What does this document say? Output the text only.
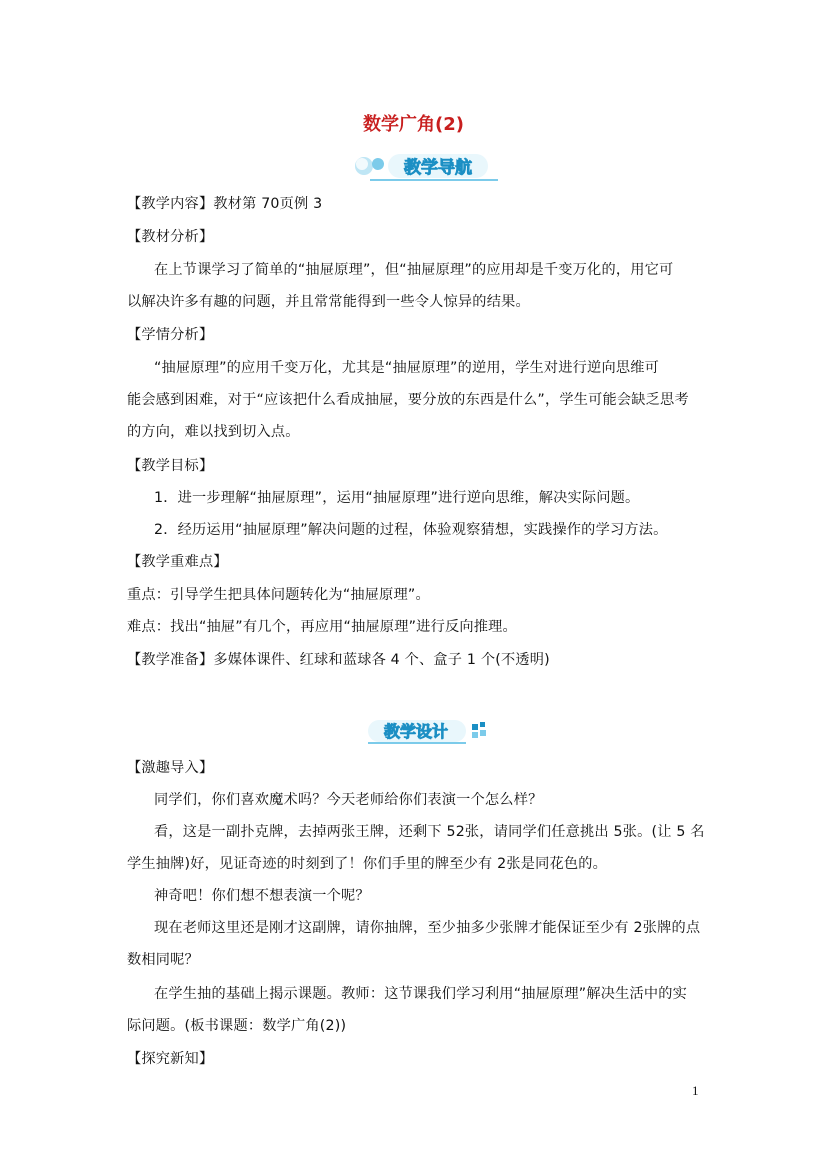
数学广角(2)
教学导航
教学设计
【教学内容】教材第 70页例 3
【教材分析】
在上节课学习了简单的“抽屉原理”，但“抽屉原理”的应用却是千变万化的，用它可
以解决许多有趣的问题，并且常常能得到一些令人惊异的结果。
【学情分析】
“抽屉原理”的应用千变万化，尤其是“抽屉原理”的逆用，学生对进行逆向思维可
能会感到困难，对于“应该把什么看成抽屉，要分放的东西是什么”，学生可能会缺乏思考
的方向，难以找到切入点。
【教学目标】
1．进一步理解“抽屉原理”，运用“抽屉原理”进行逆向思维，解决实际问题。
2．经历运用“抽屉原理”解决问题的过程，体验观察猜想，实践操作的学习方法。
【教学重难点】
重点：引导学生把具体问题转化为“抽屉原理”。
难点：找出“抽屉”有几个，再应用“抽屉原理”进行反向推理。
【教学准备】多媒体课件、红球和蓝球各 4 个、盒子 1 个(不透明)
【激趣导入】
同学们，你们喜欢魔术吗？今天老师给你们表演一个怎么样？
看，这是一副扑克牌，去掉两张王牌，还剩下 52张，请同学们任意挑出 5张。(让 5 名
学生抽牌)好，见证奇迹的时刻到了！你们手里的牌至少有 2张是同花色的。
神奇吧！你们想不想表演一个呢？
现在老师这里还是刚才这副牌，请你抽牌，至少抽多少张牌才能保证至少有 2张牌的点
数相同呢？
在学生抽的基础上揭示课题。教师：这节课我们学习利用“抽屉原理”解决生活中的实
际问题。(板书课题：数学广角(2))
【探究新知】
1
